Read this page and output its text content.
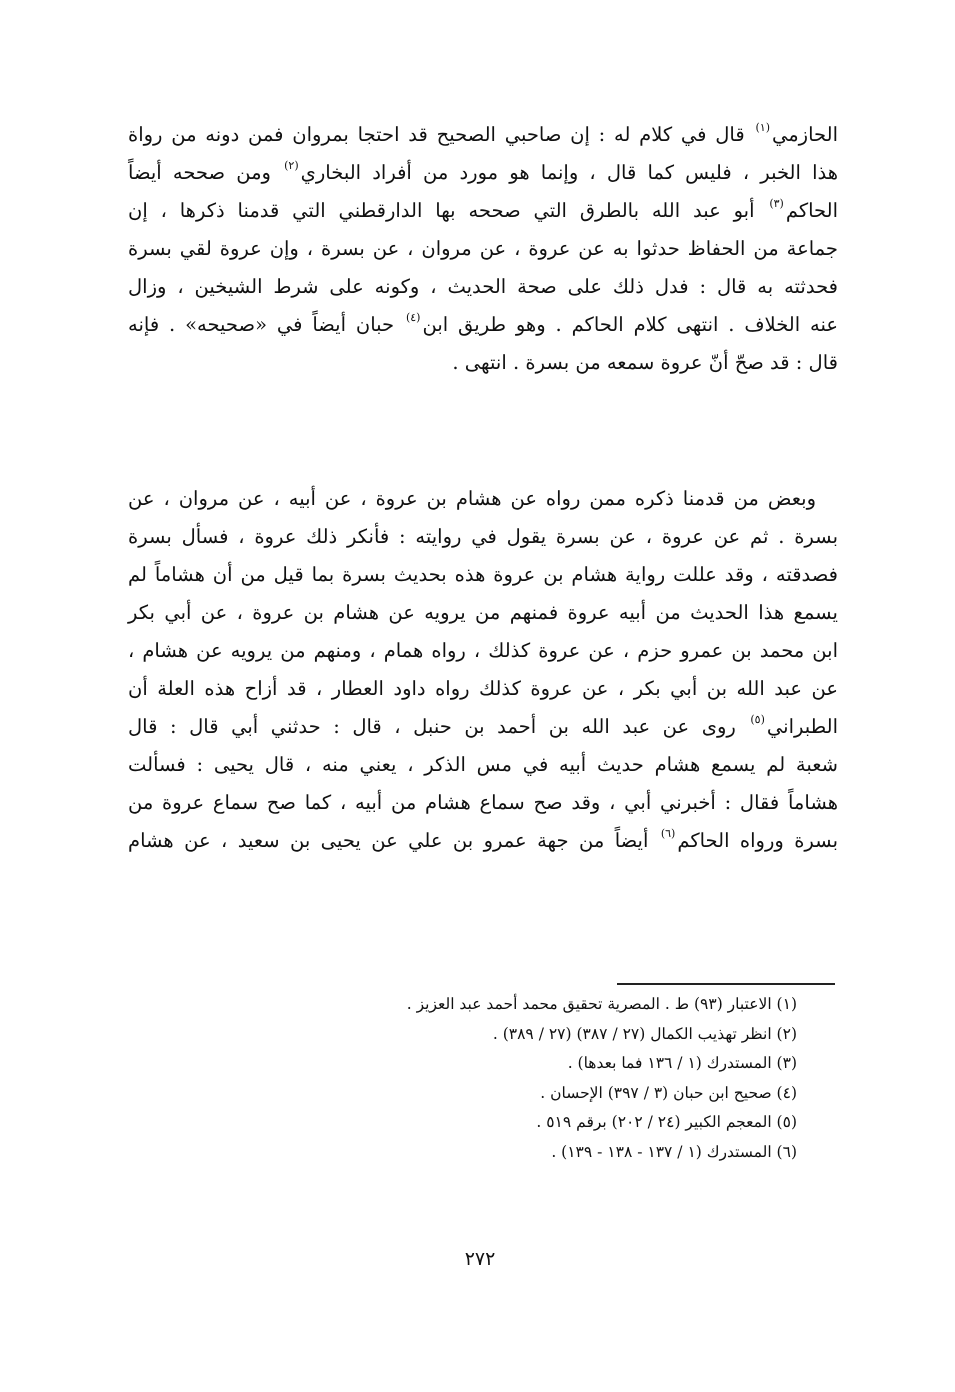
الحازمي$^{(١)}$ قال في كلام له : إن صاحبي الصحيح قد احتجا بمروان فمن دونه من رواة
هذا الخبر ، فليس كما قال ، وإنما هو مورد من أفراد البخاري$^{(٢)}$ ومن صححه أيضاً
الحاكم$^{(٣)}$ أبو عبد الله بالطرق التي صححه بها الدارقطني التي قدمنا ذكرها ، إن
جماعة من الحفاظ حدثوا به عن عروة ، عن مروان ، عن بسرة ، وإن عروة لقي بسرة
فحدثته به قال : فدل ذلك على صحة الحديث ، وكونه على شرط الشيخين ، وزال
عنه الخلاف . انتهى كلام الحاكم . وهو طريق ابن$^{(٤)}$ حبان أيضاً في «صحيحه» . فإنه
قال : قد صحّ أنّ عروة سمعه من بسرة . انتهى .
وبعض من قدمنا ذكره ممن رواه عن هشام بن عروة ، عن أبيه ، عن مروان ، عن
بسرة . ثم عن عروة ، عن بسرة يقول في روايته : فأنكر ذلك عروة ، فسأل بسرة
فصدقته ، وقد عللت رواية هشام بن عروة هذه بحديث بسرة بما قيل من أن هشاماً لم
يسمع هذا الحديث من أبيه عروة فمنهم من يرويه عن هشام بن عروة ، عن أبي بكر
ابن محمد بن عمرو حزم ، عن عروة كذلك ، رواه همام ، ومنهم من يرويه عن هشام ،
عن عبد الله بن أبي بكر ، عن عروة كذلك رواه داود العطار ، قد أزاح هذه العلة أن
الطبراني$^{(٥)}$ روى عن عبد الله بن أحمد بن حنبل ، قال : حدثني أبي قال : قال
شعبة لم يسمع هشام حديث أبيه في مس الذكر ، يعني منه ، قال يحيى : فسألت
هشاماً فقال : أخبرني أبي ، وقد صح سماع هشام من أبيه ، كما صح سماع عروة من
بسرة ورواه الحاكم$^{(٦)}$ أيضاً من جهة عمرو بن علي عن يحيى بن سعيد ، عن هشام
(١) الاعتبار (٩٣) ط . المصرية تحقيق محمد أحمد عبد العزيز .
(٢) انظر تهذيب الكمال (٢٧ / ٣٨٧) (٢٧ / ٣٨٩) .
(٣) المستدرك (١ / ١٣٦ فما بعدها) .
(٤) صحيح ابن حبان (٣ / ٣٩٧) الإحسان .
(٥) المعجم الكبير (٢٤ / ٢٠٢) برقم ٥١٩ .
(٦) المستدرك (١ / ١٣٧ - ١٣٨ - ١٣٩) .
٢٧٢
